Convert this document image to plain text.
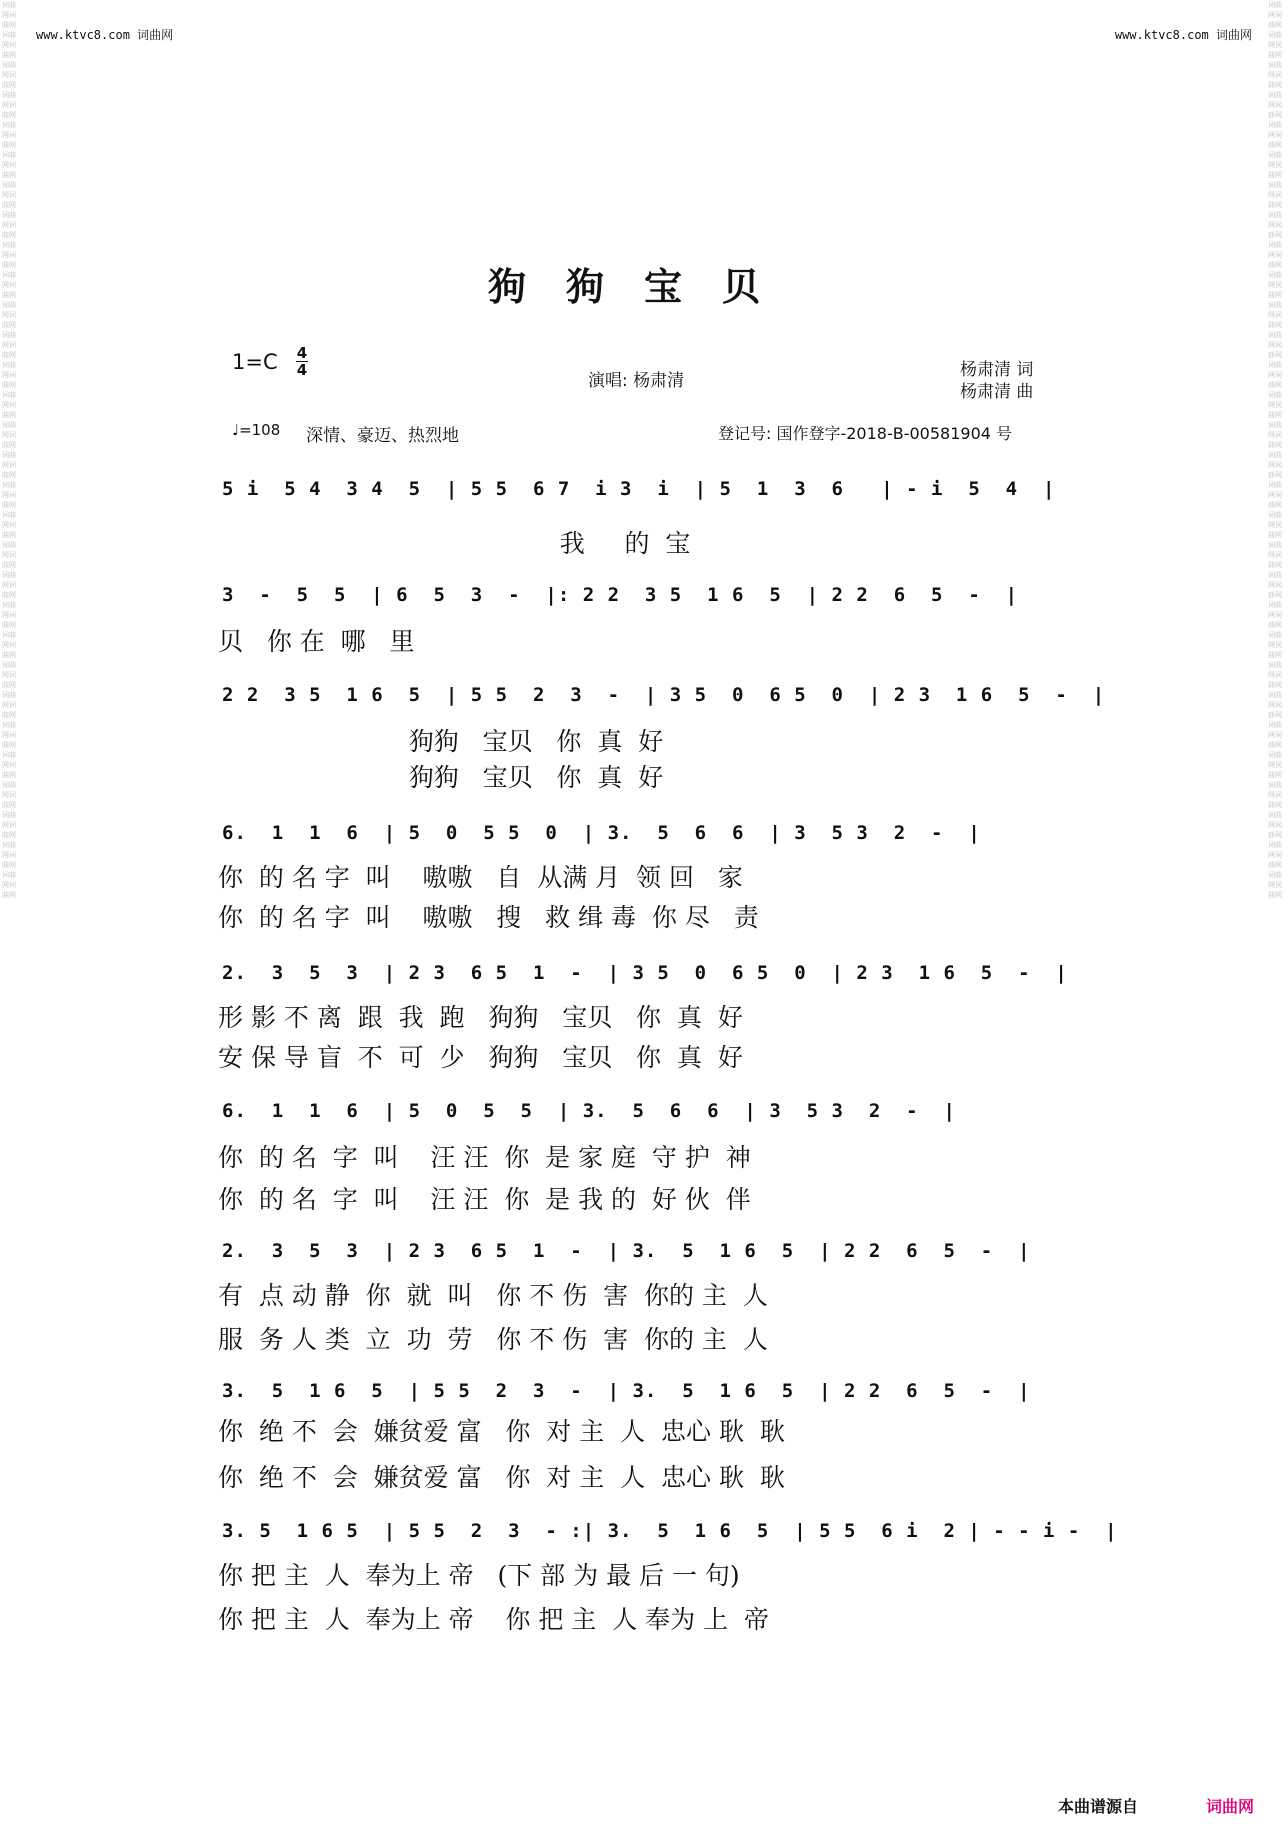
词曲网词曲网词曲网词曲网词曲网词曲网词曲网词曲网词曲网词曲网词曲网词曲网词曲网词曲网词曲网词曲网词曲网词曲网词曲网词曲网词曲网词曲网词曲网词曲网词曲网词曲网词曲网词曲网词曲网词曲网词曲网词曲网词曲网词曲网词曲网词曲网词曲网词曲网词曲网词曲网词曲网词曲网词曲网词曲网词曲网词曲网词曲网词曲网词曲网词曲网词曲网词曲网词曲网词曲网词曲网词曲网词曲网词曲网词曲网词曲网
词曲网词曲网词曲网词曲网词曲网词曲网词曲网词曲网词曲网词曲网词曲网词曲网词曲网词曲网词曲网词曲网词曲网词曲网词曲网词曲网词曲网词曲网词曲网词曲网词曲网词曲网词曲网词曲网词曲网词曲网词曲网词曲网词曲网词曲网词曲网词曲网词曲网词曲网词曲网词曲网词曲网词曲网词曲网词曲网词曲网词曲网词曲网词曲网词曲网词曲网词曲网词曲网词曲网词曲网词曲网词曲网词曲网词曲网词曲网词曲网
www.ktvc8.com 词曲网	www.ktvc8.com 词曲网
狗狗宝贝
1=C 4
4
演唱: 杨肃清
杨肃清 词
杨肃清 曲
♩=108 深情、豪迈、热烈地	登记号: 国作登字-2018-B-00581904 号
5 i  5 4  3 4  5  | 5 5  6 7  i 3  i  | 5  1  3  6   | - i  5  4  |
我     的  宝
3  -  5  5  | 6  5  3  -  |: 2 2  3 5  1 6  5  | 2 2  6  5  -  |
贝   你 在  哪   里
2 2  3 5  1 6  5  | 5 5  2  3  -  | 3 5  0  6 5  0  | 2 3  1 6  5  -  |
狗狗   宝贝   你  真  好
狗狗   宝贝   你  真  好
6.  1  1  6  | 5  0  5 5  0  | 3.  5  6  6  | 3  5 3  2  -  |
你  的 名 字  叫    嗷嗷   自  从满 月  领 回   家
你  的 名 字  叫    嗷嗷   搜   救 缉 毒  你 尽   责
2.  3  5  3  | 2 3  6 5  1  -  | 3 5  0  6 5  0  | 2 3  1 6  5  -  |
形 影 不 离  跟  我  跑   狗狗   宝贝   你  真  好
安 保 导 盲  不  可  少   狗狗   宝贝   你  真  好
6.  1  1  6  | 5  0  5  5  | 3.  5  6  6  | 3  5 3  2  -  |
你  的 名  字  叫    汪 汪  你  是 家 庭  守 护  神
你  的 名  字  叫    汪 汪  你  是 我 的  好 伙  伴
2.  3  5  3  | 2 3  6 5  1  -  | 3.  5  1 6  5  | 2 2  6  5  -  |
有  点 动 静  你  就  叫   你 不 伤  害  你的 主  人
服  务 人 类  立  功  劳   你 不 伤  害  你的 主  人
3.  5  1 6  5  | 5 5  2  3  -  | 3.  5  1 6  5  | 2 2  6  5  -  |
你  绝 不  会  嫌贫爱 富   你  对 主  人  忠心 耿  耿
你  绝 不  会  嫌贫爱 富   你  对 主  人  忠心 耿  耿
3. 5  1 6 5  | 5 5  2  3  - :| 3.  5  1 6  5  | 5 5  6 i  2 | - - i -  |
你 把 主  人  奉为上 帝   (下 部 为 最 后 一 句)
你 把 主  人  奉为上 帝    你 把 主  人 奉为 上  帝
本曲谱源自	词曲网
